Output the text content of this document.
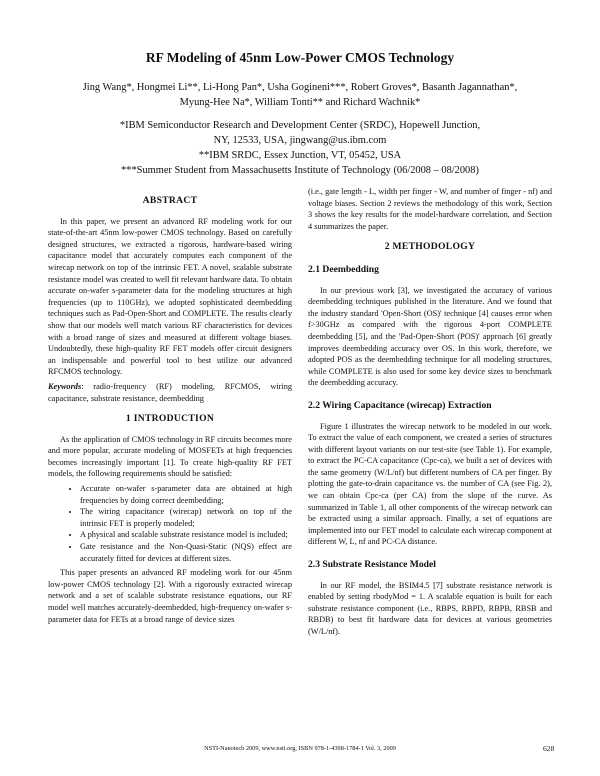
RF Modeling of 45nm Low-Power CMOS Technology
Jing Wang*, Hongmei Li**, Li-Hong Pan*, Usha Gogineni***, Robert Groves*, Basanth Jagannathan*,
Myung-Hee Na*, William Tonti** and Richard Wachnik*
*IBM Semiconductor Research and Development Center (SRDC), Hopewell Junction,
NY, 12533, USA, jingwang@us.ibm.com
**IBM SRDC, Essex Junction, VT, 05452, USA
***Summer Student from Massachusetts Institute of Technology (06/2008 – 08/2008)
ABSTRACT

In this paper, we present an advanced RF modeling work for our state-of-the-art 45nm low-power CMOS technology. Based on carefully designed structures, we extracted a rigorous, hardware-based wiring capacitance model that accurately computes each component of the wirecap network on top of the intrinsic FET. A novel, scalable substrate resistance model was created to well fit relevant hardware data. To obtain accurate on-wafer s-parameter data for the modeling structures at high frequencies (up to 110GHz), we adopted sophisticated deembedding techniques such as Pad-Open-Short and COMPLETE. The results clearly show that our models well match various RF characteristics for devices with a broad range of sizes and measured at different voltage biases. Undoubtedly, these high-quality RF FET models offer circuit designers an indispensable and powerful tool to best utilize our advanced RFCMOS technology.

Keywords: radio-frequency (RF) modeling, RFCMOS, wiring capacitance, substrate resistance, deembedding

1 INTRODUCTION

As the application of CMOS technology in RF circuits becomes more and more popular, accurate modeling of MOSFETs at high frequencies becomes increasingly important [1]. To create high-quality RF FET models, the following requirements should be satisfied:

• Accurate on-wafer s-parameter data are obtained at high frequencies by doing correct deembedding;
• The wiring capacitance (wirecap) network on top of the intrinsic FET is properly modeled;
• A physical and scalable substrate resistance model is included;
• Gate resistance and the Non-Quasi-Static (NQS) effect are accurately fitted for devices at different sizes.

This paper presents an advanced RF modeling work for our 45nm low-power CMOS technology [2]. With a rigorously extracted wirecap network and a set of scalable substrate resistance equations, our RF model well matches accurately-deembedded, high-frequency on-wafer s-parameter data for FETs at a broad range of device sizes

(i.e., gate length - L, width per finger - W, and number of finger - nf) and voltage biases. Section 2 reviews the methodology of this work, Section 3 shows the key results for the model-hardware correlation, and Section 4 summarizes the paper.

2 METHODOLOGY
2.1 Deembedding

In our previous work [3], we investigated the accuracy of various deembedding techniques published in the literature. And we found that the industry standard 'Open-Short (OS)' technique [4] causes error when f>30GHz as compared with the rigorous 4-port COMPLETE deembedding [5], and the 'Pad-Open-Short (POS)' approach [6] greatly improves deembedding accuracy over OS. In this work, therefore, we adopted POS as the deembedding technique for all modeling structures, while COMPLETE is also used for some key device sizes to benchmark the deembedding accuracy.

2.2 Wiring Capacitance (wirecap) Extraction

Figure 1 illustrates the wirecap network to be modeled in our work. To extract the value of each component, we created a series of structures with different layout variants on our test-site (see Table 1). For example, to extract the PC-CA capacitance (Cpc-ca), we built a set of devices with the same geometry (W/L/nf) but different numbers of CA per finger. By plotting the gate-to-drain capacitance vs. the number of CA (see Fig. 2), we can obtain Cpc-ca (per CA) from the slope of the curve. As summarized in Table 1, all other components of the wirecap network can be extracted using a similar approach. Finally, a set of equations are implemented into our FET model to calculate each wirecap component at different W, L, nf and PC-CA distance.

2.3 Substrate Resistance Model

In our RF model, the BSIM4.5 [7] substrate resistance network is enabled by setting rbodyMod = 1. A scalable equation is built for each substrate resistance component (i.e., RBPS, RBPD, RBPB, RBSB and RBDB) to best fit hardware data for devices at various geometries (W/L/nf).

NSTI-Nanotech 2009, www.nsti.org, ISBN 978-1-4398-1784-1 Vol. 3, 2009	628
